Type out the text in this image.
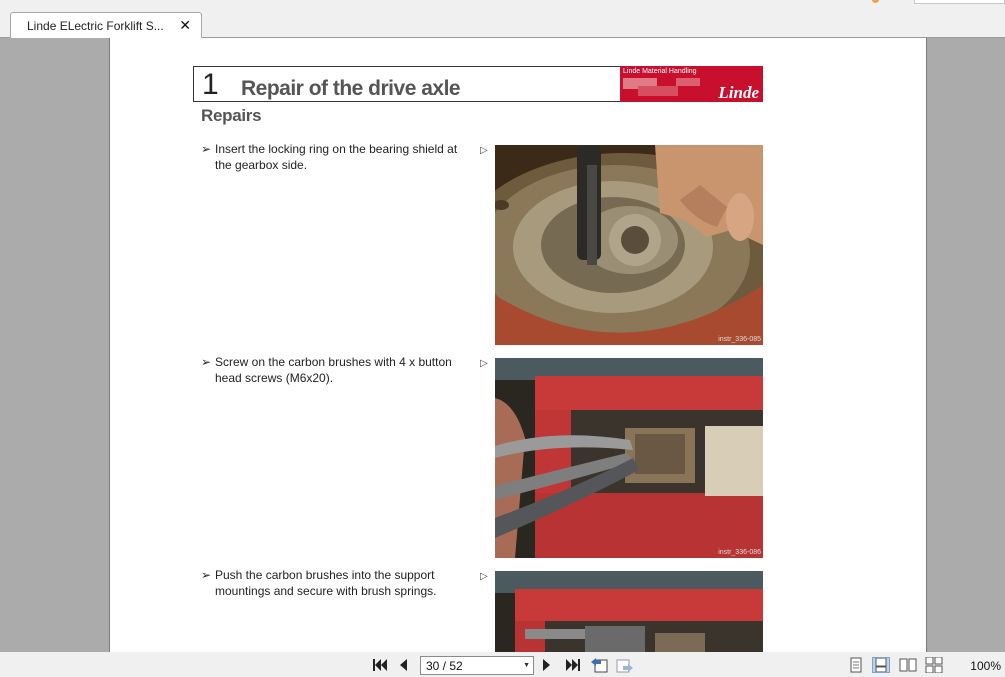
Linde ELectric Forklift S... ✕
1 Repair of the drive axle
Linde Material Handling
Linde
Repairs
➢ Insert the locking ring on the bearing shield at the gearbox side.
▷
instr_336-085
➢ Screw on the carbon brushes with 4 x button head screws (M6x20).
▷
instr_336-086
➢ Push the carbon brushes into the support mountings and secure with brush springs.
▷
30 / 52	▼	100%
